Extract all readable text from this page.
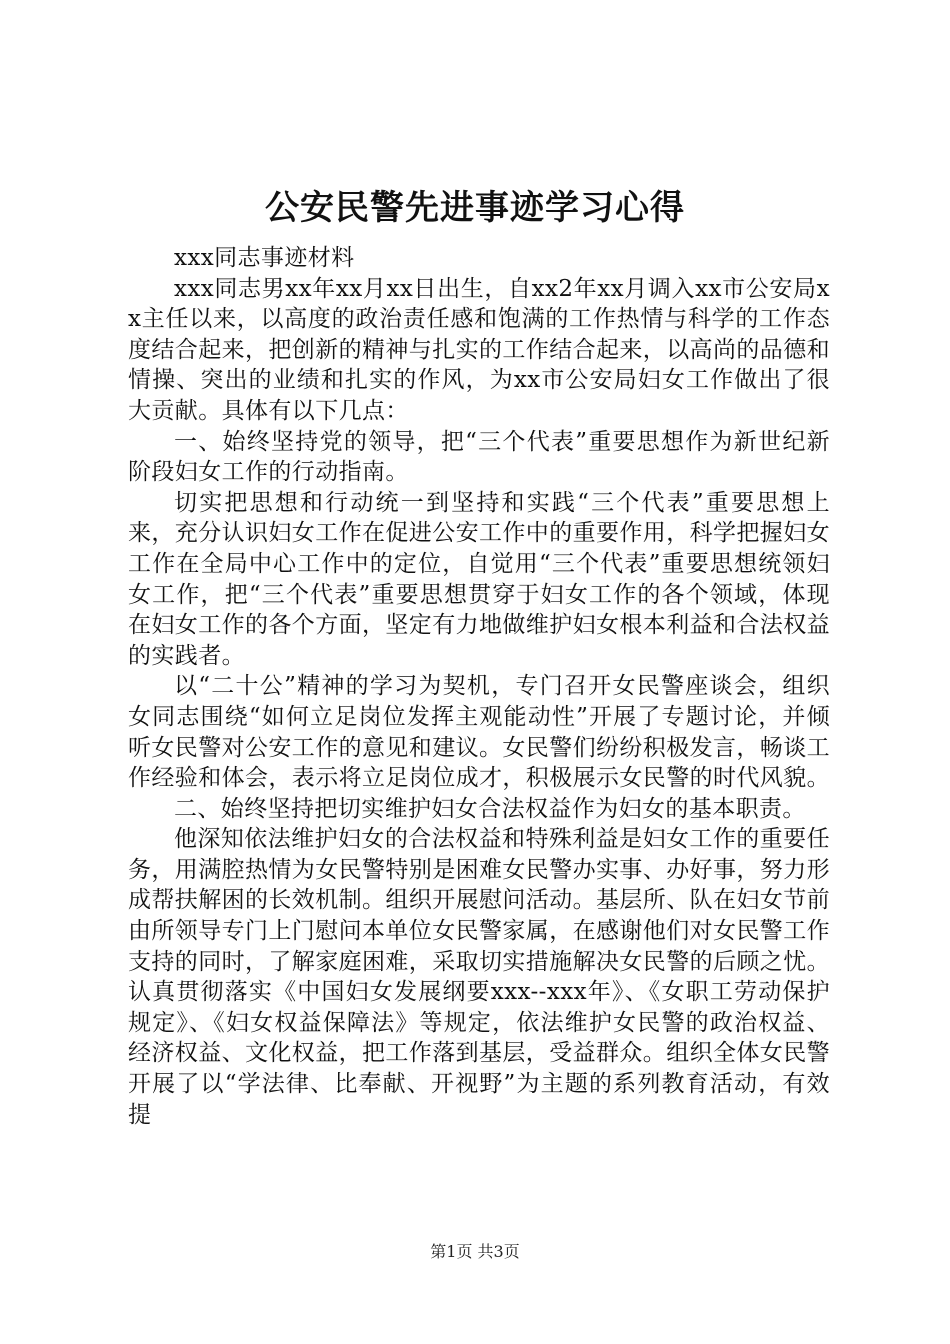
公安民警先进事迹学习心得

xxx同志事迹材料

xxx同志男xx年xx月xx日出生，自xx2年xx月调入xx市公安局xx主任以来，以高度的政治责任感和饱满的工作热情与科学的工作态度结合起来，把创新的精神与扎实的工作结合起来，以高尚的品德和情操、突出的业绩和扎实的作风，为xx市公安局妇女工作做出了很大贡献。具体有以下几点：

一、始终坚持党的领导，把“三个代表”重要思想作为新世纪新阶段妇女工作的行动指南。

切实把思想和行动统一到坚持和实践“三个代表”重要思想上来，充分认识妇女工作在促进公安工作中的重要作用，科学把握妇女工作在全局中心工作中的定位，自觉用“三个代表”重要思想统领妇女工作，把“三个代表”重要思想贯穿于妇女工作的各个领域，体现在妇女工作的各个方面，坚定有力地做维护妇女根本利益和合法权益的实践者。

以“二十公”精神的学习为契机，专门召开女民警座谈会，组织女同志围绕“如何立足岗位发挥主观能动性”开展了专题讨论，并倾听女民警对公安工作的意见和建议。女民警们纷纷积极发言，畅谈工作经验和体会，表示将立足岗位成才，积极展示女民警的时代风貌。

二、始终坚持把切实维护妇女合法权益作为妇女的基本职责。

他深知依法维护妇女的合法权益和特殊利益是妇女工作的重要任务，用满腔热情为女民警特别是困难女民警办实事、办好事，努力形成帮扶解困的长效机制。组织开展慰问活动。基层所、队在妇女节前由所领导专门上门慰问本单位女民警家属，在感谢他们对女民警工作支持的同时，了解家庭困难，采取切实措施解决女民警的后顾之忧。认真贯彻落实《中国妇女发展纲要xxx--xxx年》、《女职工劳动保护规定》、《妇女权益保障法》等规定，依法维护女民警的政治权益、经济权益、文化权益，把工作落到基层，受益群众。组织全体女民警开展了以“学法律、比奉献、开视野”为主题的系列教育活动，有效提

第1页 共3页
